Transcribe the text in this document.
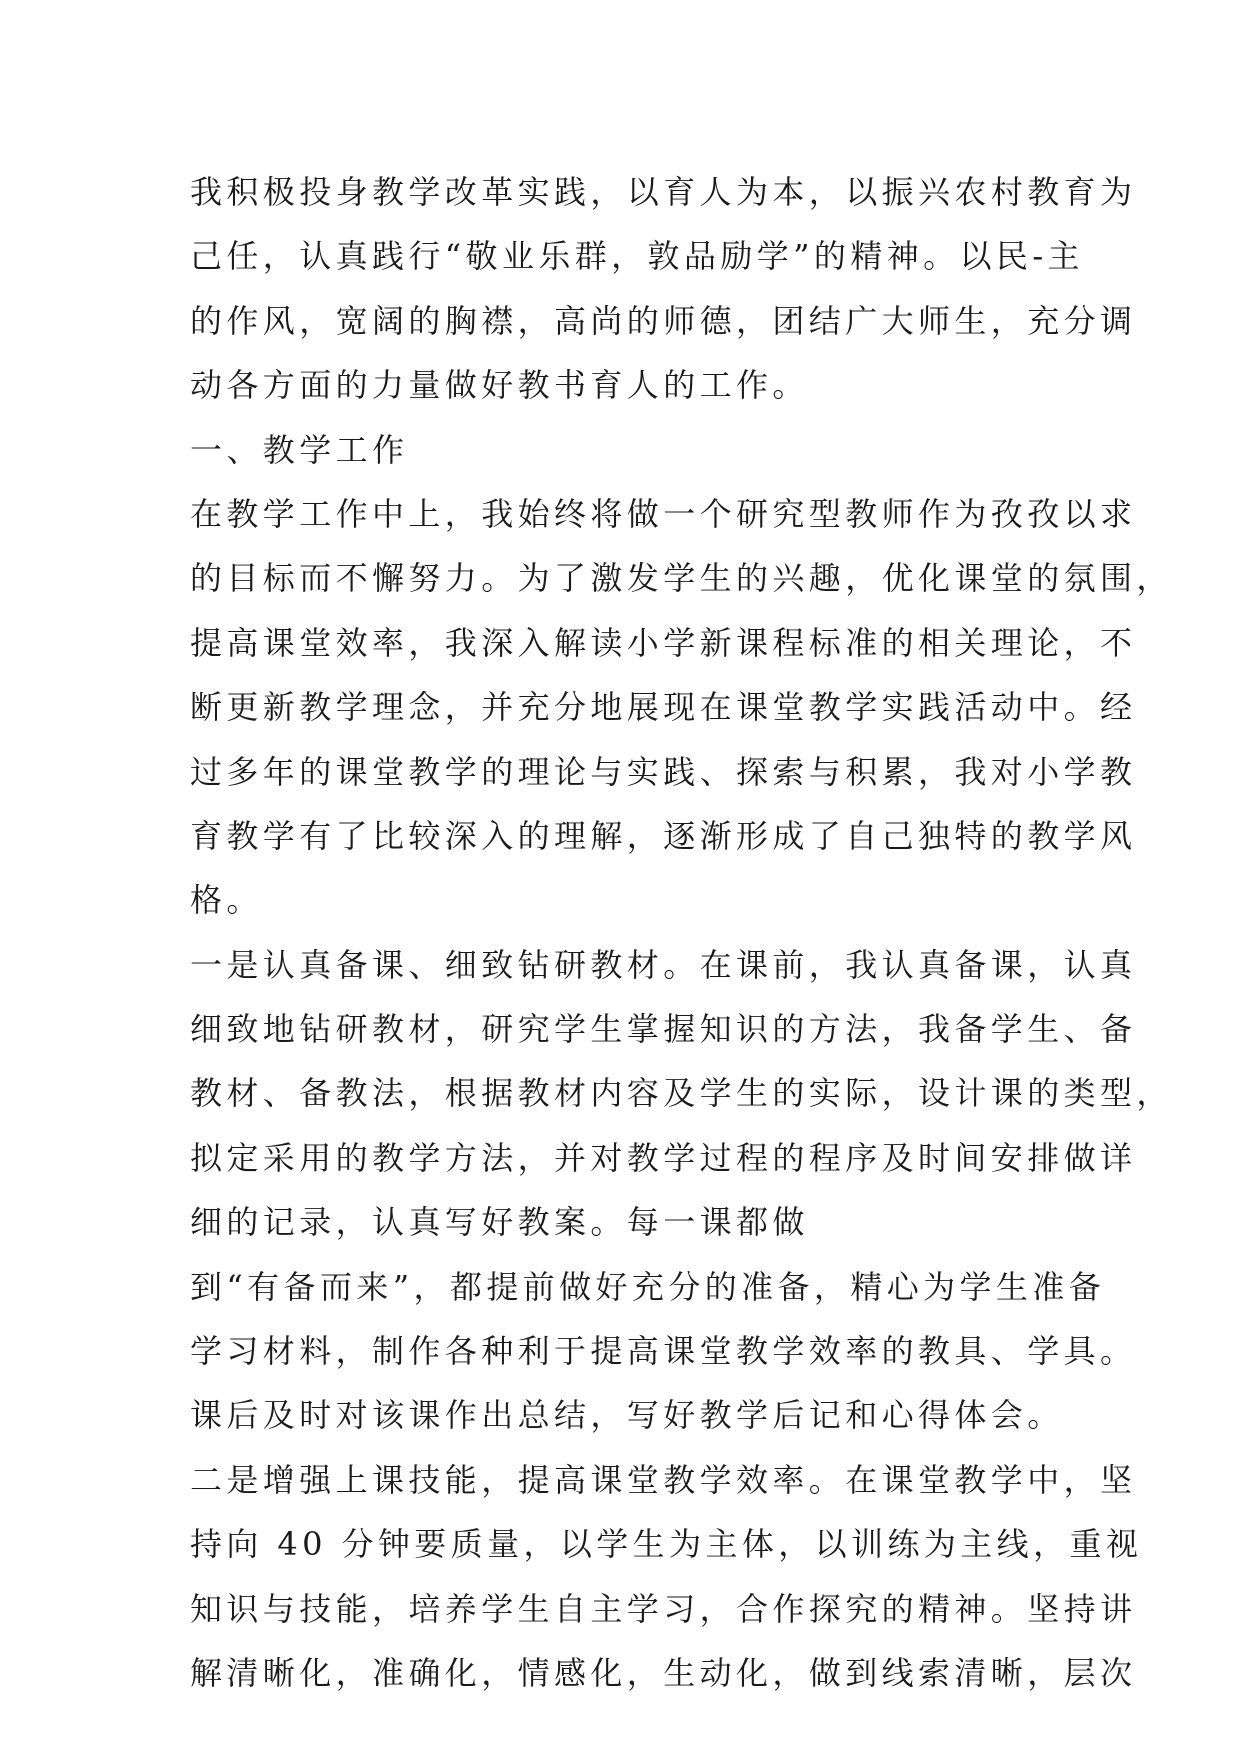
我积极投身教学改革实践，以育人为本，以振兴农村教育为
己任，认真践行“敬业乐群，敦品励学”的精神。以民-主
的作风，宽阔的胸襟，高尚的师德，团结广大师生，充分调
动各方面的力量做好教书育人的工作。
一、教学工作
在教学工作中上，我始终将做一个研究型教师作为孜孜以求
的目标而不懈努力。为了激发学生的兴趣，优化课堂的氛围，
提高课堂效率，我深入解读小学新课程标准的相关理论，不
断更新教学理念，并充分地展现在课堂教学实践活动中。经
过多年的课堂教学的理论与实践、探索与积累，我对小学教
育教学有了比较深入的理解，逐渐形成了自己独特的教学风
格。
一是认真备课、细致钻研教材。在课前，我认真备课，认真
细致地钻研教材，研究学生掌握知识的方法，我备学生、备
教材、备教法，根据教材内容及学生的实际，设计课的类型，
拟定采用的教学方法，并对教学过程的程序及时间安排做详
细的记录，认真写好教案。每一课都做
到“有备而来”，都提前做好充分的准备，精心为学生准备
学习材料，制作各种利于提高课堂教学效率的教具、学具。
课后及时对该课作出总结，写好教学后记和心得体会。
二是增强上课技能，提高课堂教学效率。在课堂教学中，坚
持向 40 分钟要质量，以学生为主体，以训练为主线，重视
知识与技能，培养学生自主学习，合作探究的精神。坚持讲
解清晰化，准确化，情感化，生动化，做到线索清晰，层次
